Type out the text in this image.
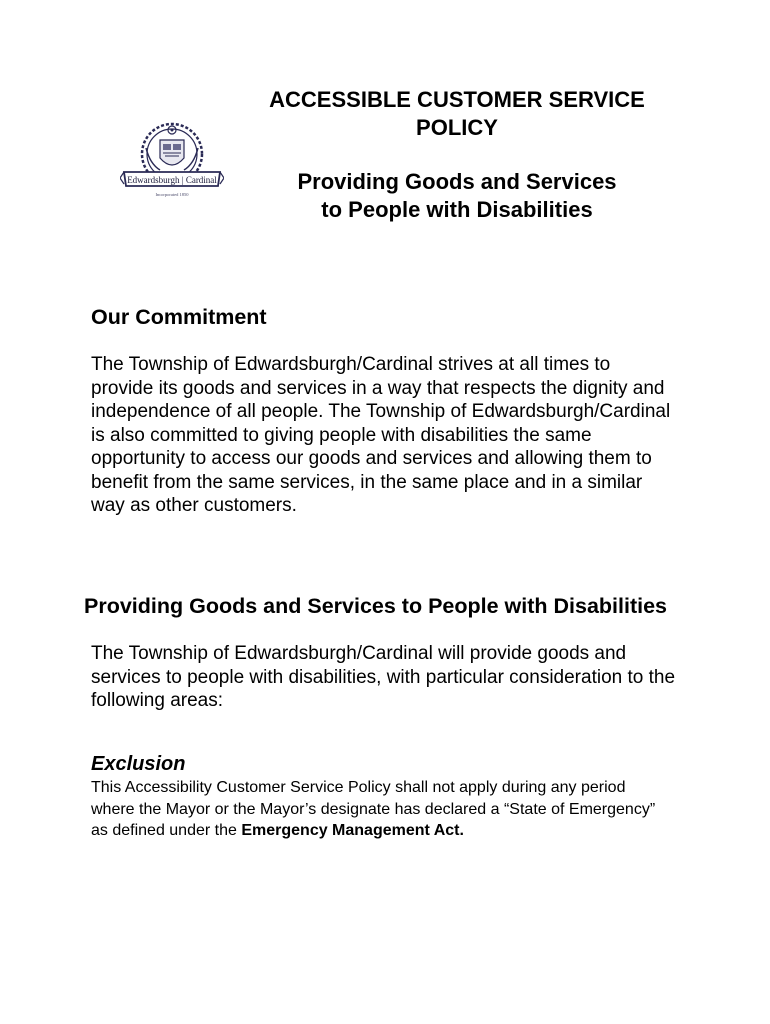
Edwardsburgh | Cardinal
Incorporated 1850
ACCESSIBLE CUSTOMER SERVICE
POLICY
Providing Goods and Services
to People with Disabilities
Our Commitment
The Township of Edwardsburgh/Cardinal strives at all times to
provide its goods and services in a way that respects the dignity and
independence of all people. The Township of Edwardsburgh/Cardinal
is also committed to giving people with disabilities the same
opportunity to access our goods and services and allowing them to
benefit from the same services, in the same place and in a similar
way as other customers.
Providing Goods and Services to People with Disabilities
The Township of Edwardsburgh/Cardinal will provide goods and
services to people with disabilities, with particular consideration to the
following areas:
Exclusion
This Accessibility Customer Service Policy shall not apply during any period
where the Mayor or the Mayor’s designate has declared a “State of Emergency”
as defined under the Emergency Management Act.
